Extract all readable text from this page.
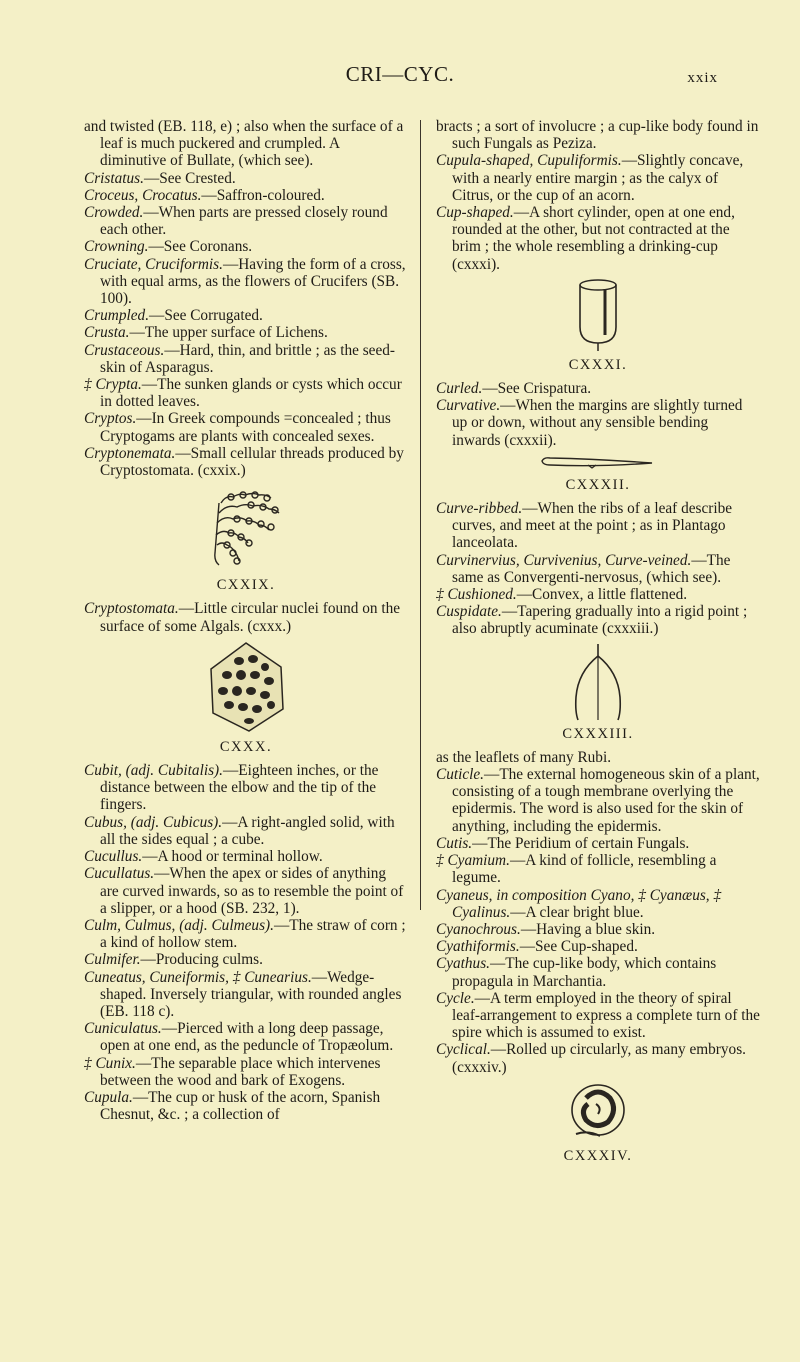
CRI—CYC.	xxix

and twisted (EB. 118, e) ; also when the surface of a leaf is much puckered and crumpled. A diminutive of Bullate, (which see).

Cristatus.—See Crested.

Croceus, Crocatus.—Saffron-coloured.

Crowded.—When parts are pressed closely round each other.

Crowning.—See Coronans.

Cruciate, Cruciformis.—Having the form of a cross, with equal arms, as the flowers of Crucifers (SB. 100).

Crumpled.—See Corrugated.

Crusta.—The upper surface of Lichens.

Crustaceous.—Hard, thin, and brittle ; as the seed-skin of Asparagus.

‡ Crypta.—The sunken glands or cysts which occur in dotted leaves.

Cryptos.—In Greek compounds =concealed ; thus Cryptogams are plants with concealed sexes.

Cryptonemata.—Small cellular threads produced by Cryptostomata. (cxxix.)

CXXIX.

Cryptostomata.—Little circular nuclei found on the surface of some Algals. (cxxx.)

CXXX.

Cubit, (adj. Cubitalis).—Eighteen inches, or the distance between the elbow and the tip of the fingers.

Cubus, (adj. Cubicus).—A right-angled solid, with all the sides equal ; a cube.

Cucullus.—A hood or terminal hollow.

Cucullatus.—When the apex or sides of anything are curved inwards, so as to resemble the point of a slipper, or a hood (SB. 232, 1).

Culm, Culmus, (adj. Culmeus).—The straw of corn ; a kind of hollow stem.

Culmifer.—Producing culms.

Cuneatus, Cuneiformis, ‡ Cunearius.—Wedge-shaped. Inversely triangular, with rounded angles (EB. 118 c).

Cuniculatus.—Pierced with a long deep passage, open at one end, as the peduncle of Tropæolum.

‡ Cunix.—The separable place which intervenes between the wood and bark of Exogens.

Cupula.—The cup or husk of the acorn, Spanish Chesnut, &c. ; a collection of

bracts ; a sort of involucre ; a cup-like body found in such Fungals as Peziza.

Cupula-shaped, Cupuliformis.—Slightly concave, with a nearly entire margin ; as the calyx of Citrus, or the cup of an acorn.

Cup-shaped.—A short cylinder, open at one end, rounded at the other, but not contracted at the brim ; the whole resembling a drinking-cup (cxxxi).

CXXXI.

Curled.—See Crispatura.

Curvative.—When the margins are slightly turned up or down, without any sensible bending inwards (cxxxii).

CXXXII.

Curve-ribbed.—When the ribs of a leaf describe curves, and meet at the point ; as in Plantago lanceolata.

Curvinervius, Curvivenius, Curve-veined.—The same as Convergenti-nervosus, (which see).

‡ Cushioned.—Convex, a little flattened.

Cuspidate.—Tapering gradually into a rigid point ; also abruptly acuminate (cxxxiii.)

CXXXIII.

as the leaflets of many Rubi.

Cuticle.—The external homogeneous skin of a plant, consisting of a tough membrane overlying the epidermis. The word is also used for the skin of anything, including the epidermis.

Cutis.—The Peridium of certain Fungals.

‡ Cyamium.—A kind of follicle, resembling a legume.

Cyaneus, in composition Cyano, ‡ Cyanæus, ‡ Cyalinus.—A clear bright blue.

Cyanochrous.—Having a blue skin.

Cyathiformis.—See Cup-shaped.

Cyathus.—The cup-like body, which contains propagula in Marchantia.

Cycle.—A term employed in the theory of spiral leaf-arrangement to express a complete turn of the spire which is assumed to exist.

Cyclical.—Rolled up circularly, as many embryos. (cxxxiv.)

CXXXIV.
